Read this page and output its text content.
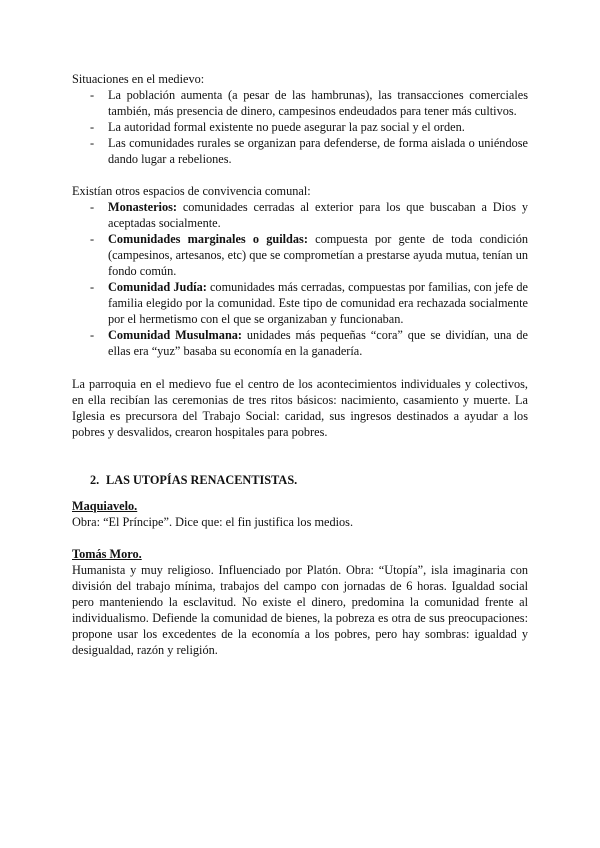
Situaciones en el medievo:

- La población aumenta (a pesar de las hambrunas), las transacciones comerciales también, más presencia de dinero, campesinos endeudados para tener más cultivos.
- La autoridad formal existente no puede asegurar la paz social y el orden.
- Las comunidades rurales se organizan para defenderse, de forma aislada o uniéndose dando lugar a rebeliones.

Existían otros espacios de convivencia comunal:

- Monasterios: comunidades cerradas al exterior para los que buscaban a Dios y aceptadas socialmente.
- Comunidades marginales o guildas: compuesta por gente de toda condición (campesinos, artesanos, etc) que se comprometían a prestarse ayuda mutua, tenían un fondo común.
- Comunidad Judía: comunidades más cerradas, compuestas por familias, con jefe de familia elegido por la comunidad. Este tipo de comunidad era rechazada socialmente por el hermetismo con el que se organizaban y funcionaban.
- Comunidad Musulmana: unidades más pequeñas “cora” que se dividían, una de ellas era “yuz” basaba su economía en la ganadería.

La parroquia en el medievo fue el centro de los acontecimientos individuales y colectivos, en ella recibían las ceremonias de tres ritos básicos: nacimiento, casamiento y muerte. La Iglesia es precursora del Trabajo Social: caridad, sus ingresos destinados a ayudar a los pobres y desvalidos, crearon hospitales para pobres.

2. LAS UTOPÍAS RENACENTISTAS.

Maquiavelo.

Obra: “El Príncipe”. Dice que: el fin justifica los medios.

Tomás Moro.

Humanista y muy religioso. Influenciado por Platón. Obra: “Utopía”, isla imaginaria con división del trabajo mínima, trabajos del campo con jornadas de 6 horas. Igualdad social pero manteniendo la esclavitud. No existe el dinero, predomina la comunidad frente al individualismo. Defiende la comunidad de bienes, la pobreza es otra de sus preocupaciones: propone usar los excedentes de la economía a los pobres, pero hay sombras: igualdad y desigualdad, razón y religión.
